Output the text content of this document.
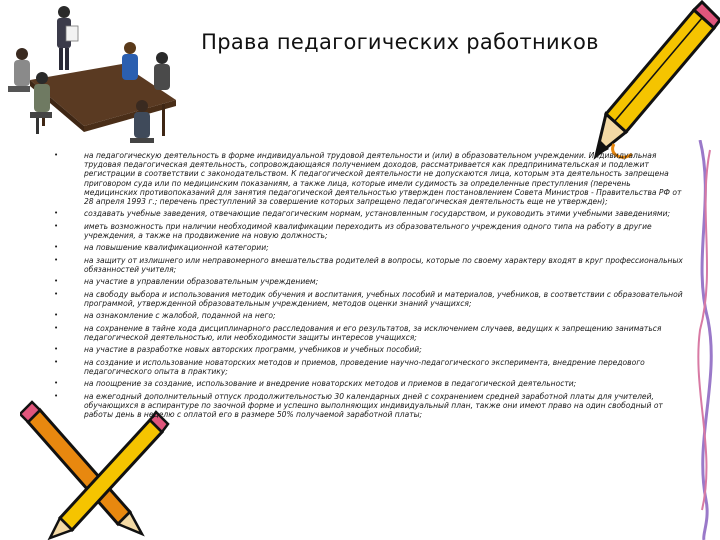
Права педагогических работников
•	на педагогическую деятельность в форме индивидуальной трудовой деятельности и (или) в образовательном учреждении. Индивидуальная трудовая педагогическая деятельность, сопровождающаяся получением доходов, рассматривается как предпринимательская и подлежит регистрации в соответствии с законодательством. К педагогической деятельности не допускаются лица, которым эта деятельность запрещена приговором суда или по медицинским показаниям, а также лица, которые имели судимость за определенные преступления (перечень медицинских противопоказаний для занятия педагогической деятельностью утвержден постановлением Совета Министров - Правительства РФ от 28 апреля 1993 г.; перечень преступлений за совершение которых запрещено педагогическая деятельность еще не утвержден);
•	создавать учебные заведения, отвечающие педагогическим нормам, установленным государством, и руководить этими учебными заведениями;
•	иметь возможность при наличии необходимой квалификации переходить из образовательного учреждения одного типа на работу в другие учреждения, а также на продвижение на новую должность;
•	на повышение квалификационной категории;
•	на защиту от излишнего или неправомерного вмешательства родителей в вопросы, которые по своему характеру входят в круг профессиональных обязанностей учителя;
•	на участие в управлении образовательным учреждением;
•	на свободу выбора и использования методик обучения и воспитания, учебных пособий и материалов, учебников, в соответствии с образовательной программой, утвержденной образовательным учреждением, методов оценки знаний учащихся;
•	на ознакомление с жалобой, поданной на него;
•	на сохранение в тайне хода дисциплинарного расследования и его результатов, за исключением случаев, ведущих к запрещению заниматься педагогической деятельностью, или необходимости защиты интересов учащихся;
•	на участие в разработке новых авторских программ, учебников и учебных пособий;
•	на создание и использование новаторских методов и приемов, проведение научно-педагогического эксперимента, внедрение передового педагогического опыта в практику;
•	на поощрение за создание, использование и внедрение новаторских методов и приемов в педагогической деятельности;
•	на ежегодный дополнительный отпуск продолжительностью 30 календарных дней с сохранением средней заработной платы для учителей, обучающихся в аспирантуре по заочной форме и успешно выполняющих индивидуальный план, также они имеют право на один свободный от работы день в неделю с оплатой его в размере 50% получаемой заработной платы;
